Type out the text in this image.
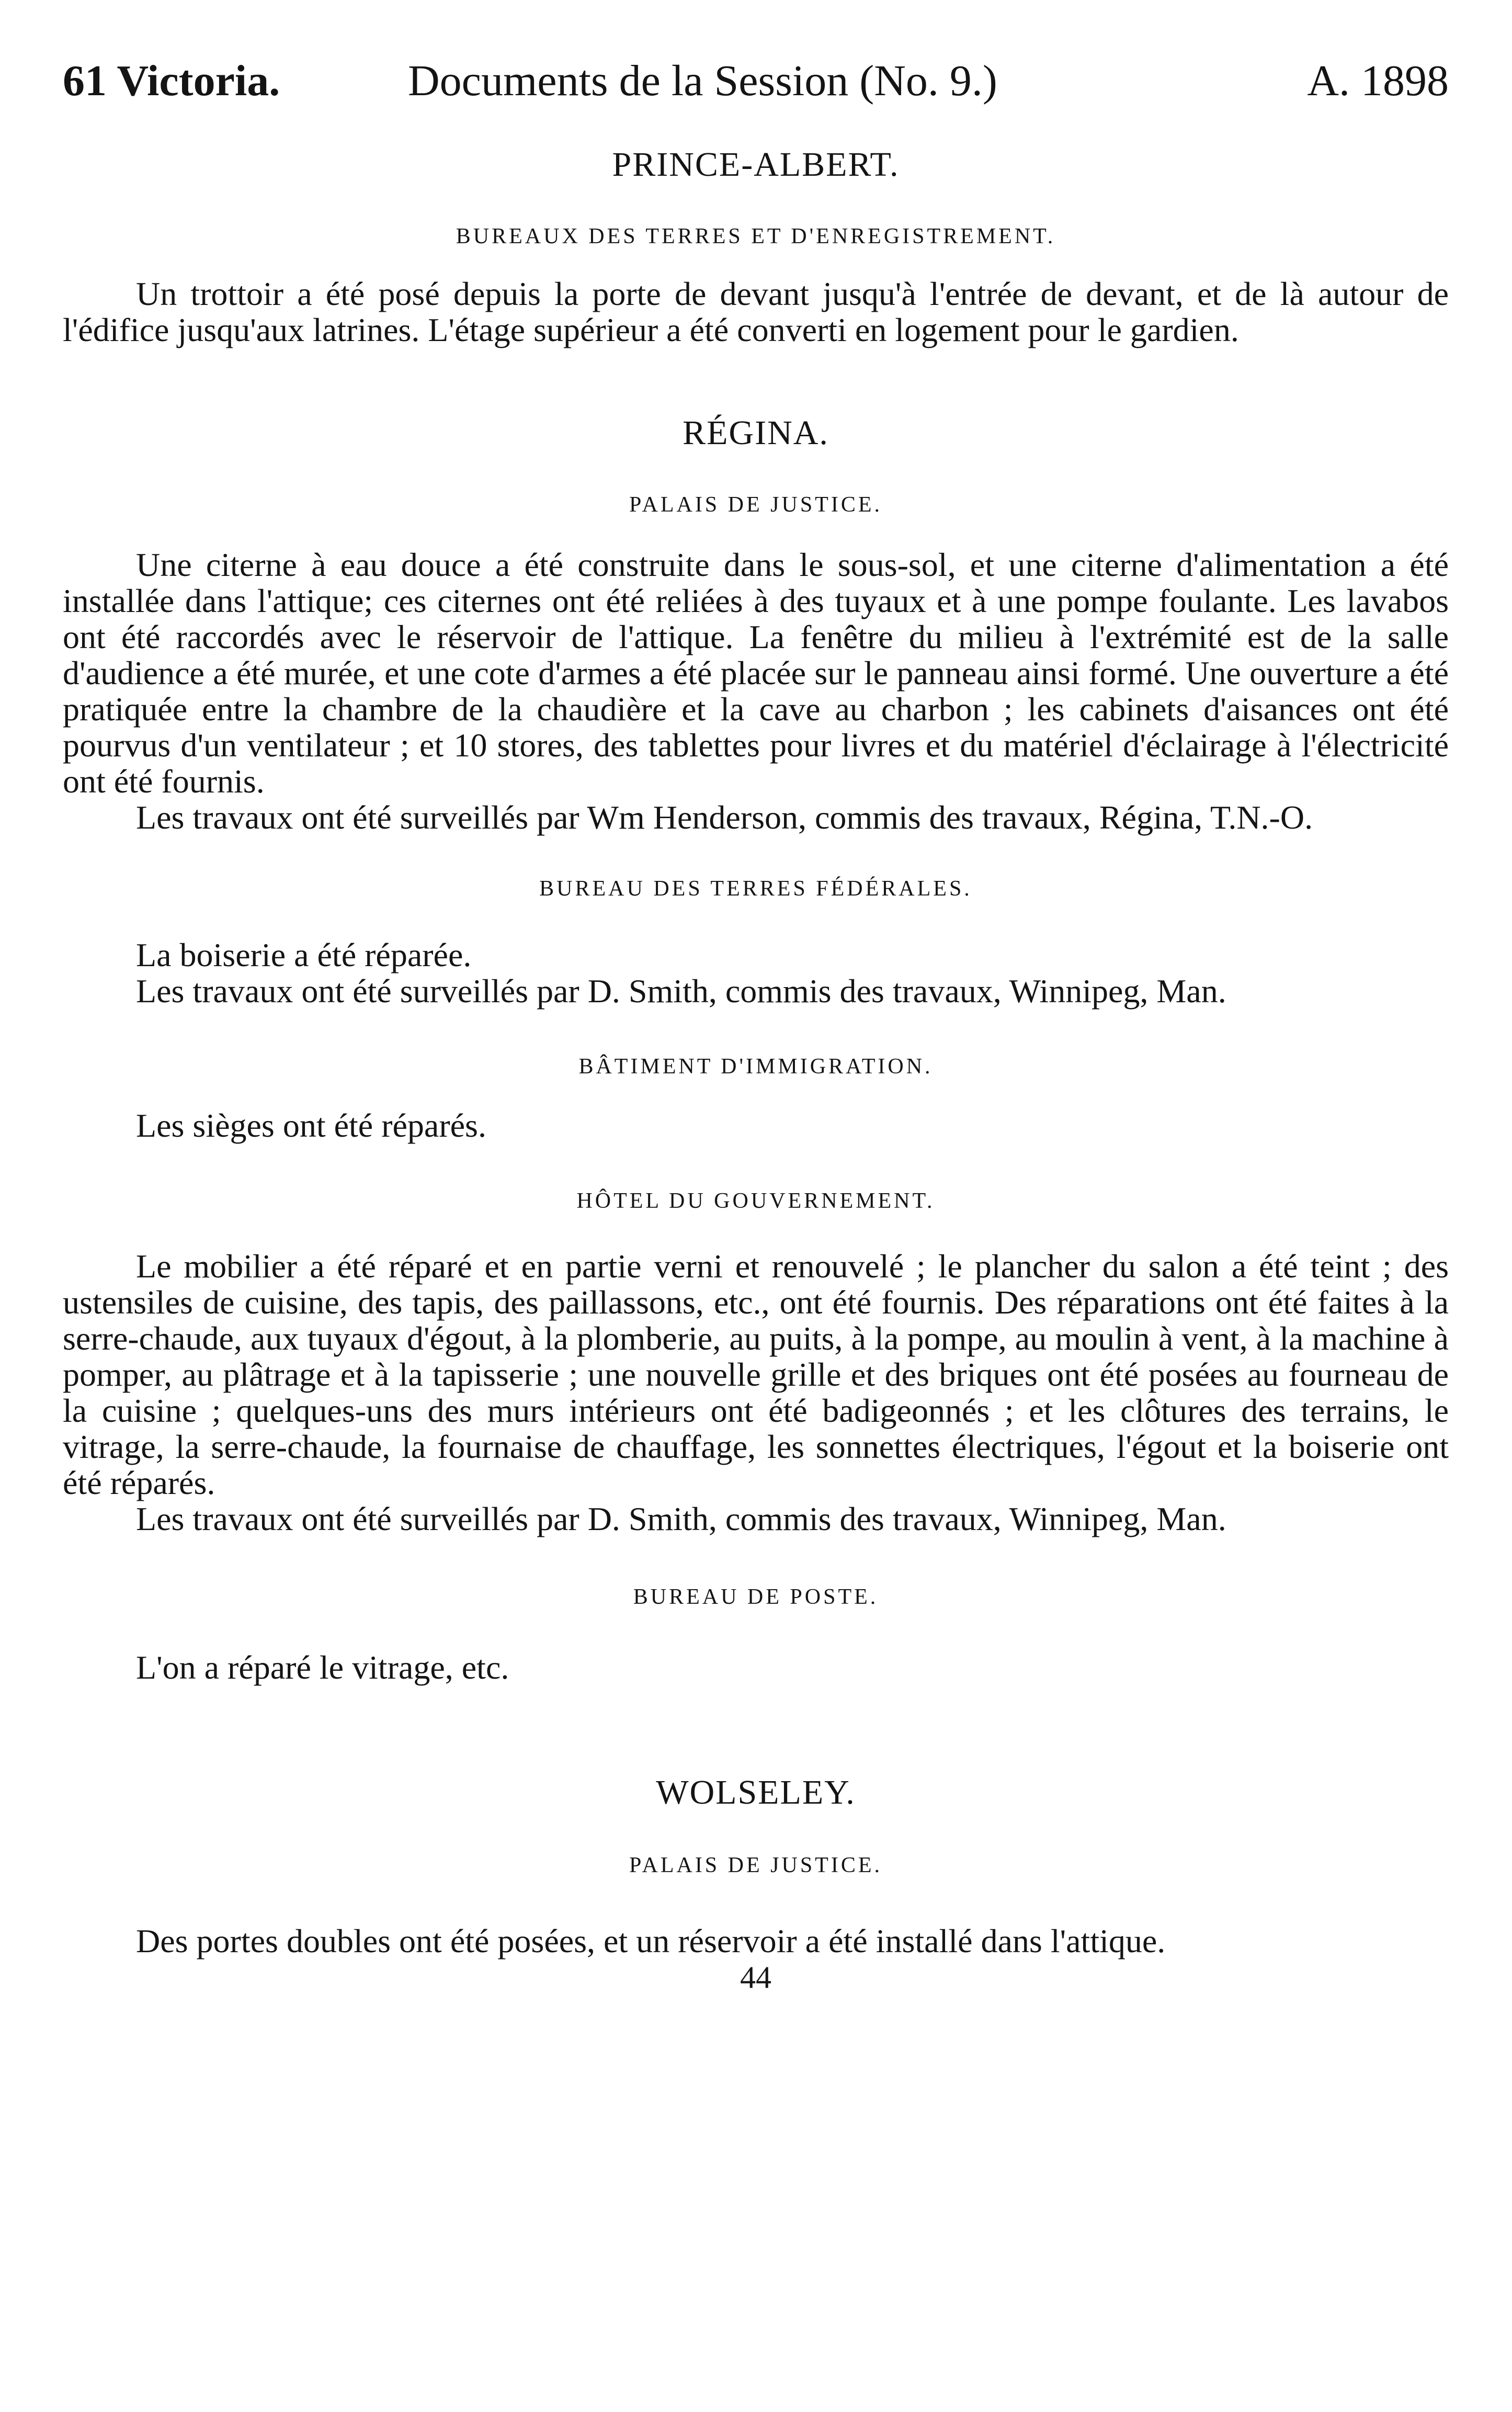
61 Victoria.	Documents de la Session (No. 9.)	A. 1898
PRINCE-ALBERT.
BUREAUX DES TERRES ET D'ENREGISTREMENT.

Un trottoir a été posé depuis la porte de devant jusqu'à l'entrée de devant, et de là autour de l'édifice jusqu'aux latrines. L'étage supérieur a été converti en logement pour le gardien.

RÉGINA.
PALAIS DE JUSTICE.

Une citerne à eau douce a été construite dans le sous-sol, et une citerne d'alimentation a été installée dans l'attique; ces citernes ont été reliées à des tuyaux et à une pompe foulante. Les lavabos ont été raccordés avec le réservoir de l'attique. La fenêtre du milieu à l'extrémité est de la salle d'audience a été murée, et une cote d'armes a été placée sur le panneau ainsi formé. Une ouverture a été pratiquée entre la chambre de la chaudière et la cave au charbon ; les cabinets d'aisances ont été pourvus d'un ventilateur ; et 10 stores, des tablettes pour livres et du matériel d'éclairage à l'électricité ont été fournis.

Les travaux ont été surveillés par Wm Henderson, commis des travaux, Régina, T.N.-O.

BUREAU DES TERRES FÉDÉRALES.

La boiserie a été réparée.

Les travaux ont été surveillés par D. Smith, commis des travaux, Winnipeg, Man.

BÂTIMENT D'IMMIGRATION.

Les sièges ont été réparés.

HÔTEL DU GOUVERNEMENT.

Le mobilier a été réparé et en partie verni et renouvelé ; le plancher du salon a été teint ; des ustensiles de cuisine, des tapis, des paillassons, etc., ont été fournis. Des réparations ont été faites à la serre-chaude, aux tuyaux d'égout, à la plomberie, au puits, à la pompe, au moulin à vent, à la machine à pomper, au plâtrage et à la tapisserie ; une nouvelle grille et des briques ont été posées au fourneau de la cuisine ; quelques-uns des murs intérieurs ont été badigeonnés ; et les clôtures des terrains, le vitrage, la serre-chaude, la fournaise de chauffage, les sonnettes électriques, l'égout et la boiserie ont été réparés.

Les travaux ont été surveillés par D. Smith, commis des travaux, Winnipeg, Man.

BUREAU DE POSTE.

L'on a réparé le vitrage, etc.

WOLSELEY.
PALAIS DE JUSTICE.

Des portes doubles ont été posées, et un réservoir a été installé dans l'attique.

44
